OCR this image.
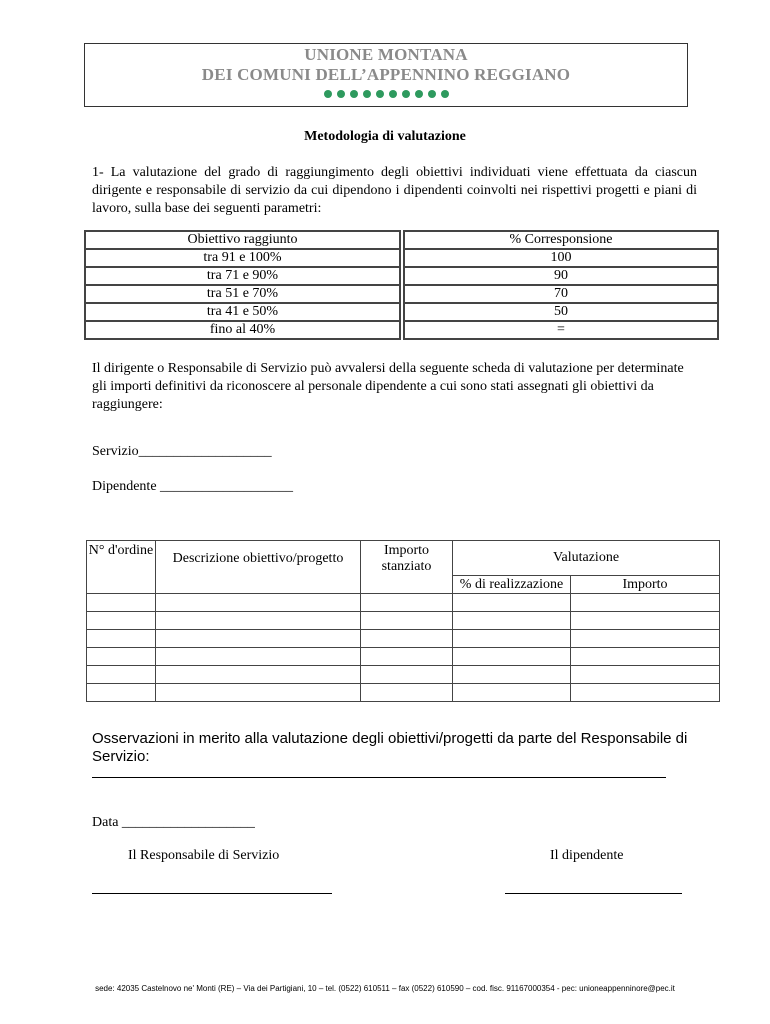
UNIONE MONTANA
DEI COMUNI DELL’APPENNINO REGGIANO
Metodologia di valutazione
1- La valutazione del grado di raggiungimento degli obiettivi individuati viene effettuata da ciascun dirigente e responsabile di servizio da cui dipendono i dipendenti coinvolti nei rispettivi progetti e piani di lavoro, sulla base dei seguenti parametri:
Obiettivo raggiunto		% Corresponsione
tra 91 e 100%		100
tra 71 e 90%		90
tra 51 e 70%		70
tra 41 e 50%		50
fino al 40%		=
Il dirigente o Responsabile di Servizio può avvalersi della seguente scheda di valutazione per determinate gli importi definitivi da riconoscere al personale dipendente a cui sono stati assegnati gli obiettivi da raggiungere:
Servizio___________________
Dipendente ___________________
N° d'ordine	Descrizione obiettivo/progetto	Importo stanziato	Valutazione	
			% di realizzazione	Importo

Osservazioni in merito alla valutazione degli obiettivi/progetti da parte del Responsabile di Servizio:
Data ___________________
Il Responsabile di Servizio	Il dipendente
sede: 42035 Castelnovo ne' Monti (RE) – Via dei Partigiani, 10 – tel. (0522) 610511 – fax (0522) 610590 – cod. fisc. 91167000354 - pec: unioneappenninore@pec.it
